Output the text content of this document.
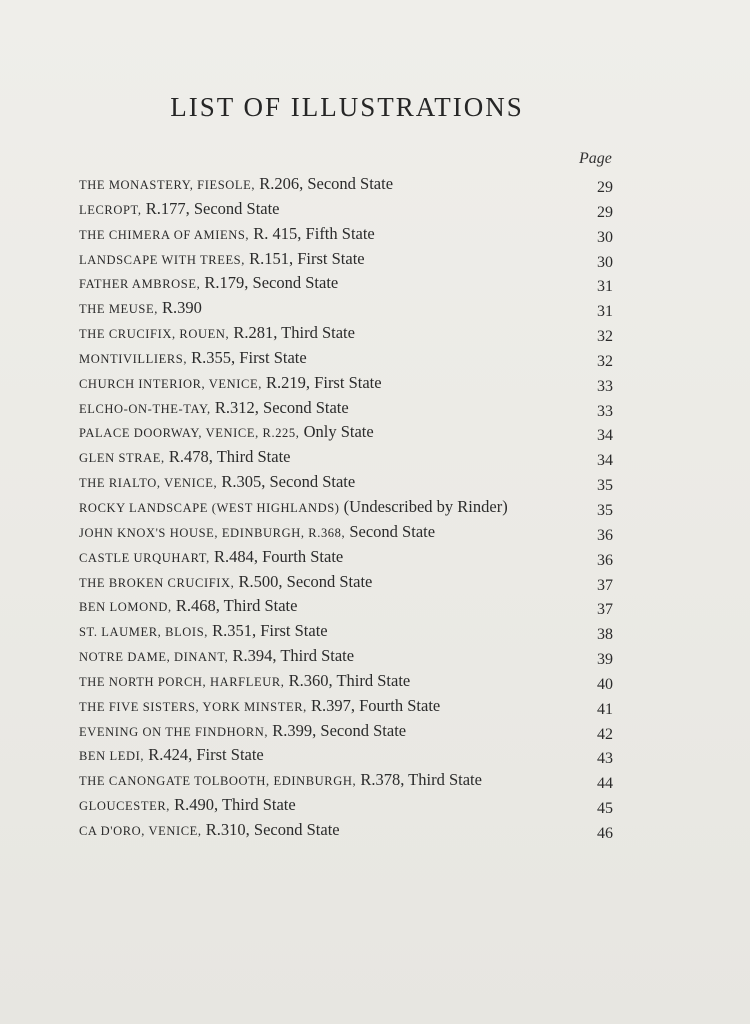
LIST OF ILLUSTRATIONS
Page
THE MONASTERY, FIESOLE, R.206, Second State	29
LECROPT, R.177, Second State	29
THE CHIMERA OF AMIENS, R. 415, Fifth State	30
LANDSCAPE WITH TREES, R.151, First State	30
FATHER AMBROSE, R.179, Second State	31
THE MEUSE, R.390	31
THE CRUCIFIX, ROUEN, R.281, Third State	32
MONTIVILLIERS, R.355, First State	32
CHURCH INTERIOR, VENICE, R.219, First State	33
ELCHO-ON-THE-TAY, R.312, Second State	33
PALACE DOORWAY, VENICE, R.225, Only State	34
GLEN STRAE, R.478, Third State	34
THE RIALTO, VENICE, R.305, Second State	35
ROCKY LANDSCAPE (WEST HIGHLANDS) (Undescribed by Rinder)	35
JOHN KNOX'S HOUSE, EDINBURGH, R.368, Second State	36
CASTLE URQUHART, R.484, Fourth State	36
THE BROKEN CRUCIFIX, R.500, Second State	37
BEN LOMOND, R.468, Third State	37
ST. LAUMER, BLOIS, R.351, First State	38
NOTRE DAME, DINANT, R.394, Third State	39
THE NORTH PORCH, HARFLEUR, R.360, Third State	40
THE FIVE SISTERS, YORK MINSTER, R.397, Fourth State	41
EVENING ON THE FINDHORN, R.399, Second State	42
BEN LEDI, R.424, First State	43
THE CANONGATE TOLBOOTH, EDINBURGH, R.378, Third State	44
GLOUCESTER, R.490, Third State	45
CA D'ORO, VENICE, R.310, Second State	46
